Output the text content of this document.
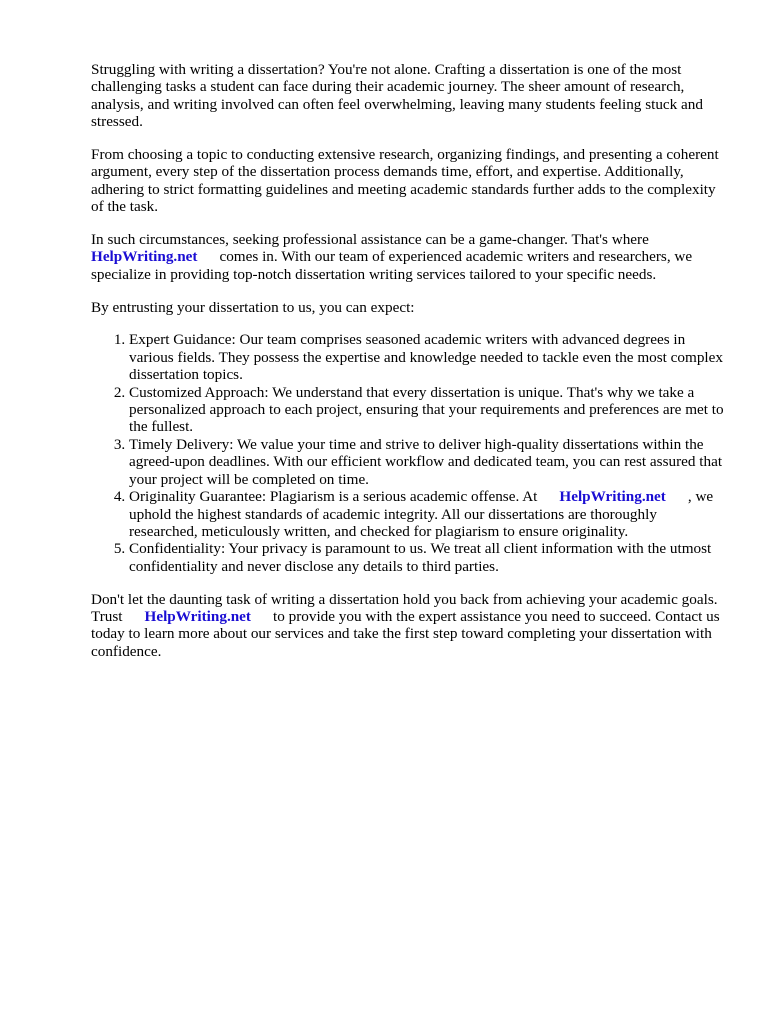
Struggling with writing a dissertation? You're not alone. Crafting a dissertation is one of the most challenging tasks a student can face during their academic journey. The sheer amount of research, analysis, and writing involved can often feel overwhelming, leaving many students feeling stuck and stressed.

From choosing a topic to conducting extensive research, organizing findings, and presenting a coherent argument, every step of the dissertation process demands time, effort, and expertise. Additionally, adhering to strict formatting guidelines and meeting academic standards further adds to the complexity of the task.

In such circumstances, seeking professional assistance can be a game-changer. That's where
HelpWriting.net comes in. With our team of experienced academic writers and researchers, we specialize in providing top-notch dissertation writing services tailored to your specific needs.

By entrusting your dissertation to us, you can expect:

1. Expert Guidance: Our team comprises seasoned academic writers with advanced degrees in various fields. They possess the expertise and knowledge needed to tackle even the most complex dissertation topics.
2. Customized Approach: We understand that every dissertation is unique. That's why we take a personalized approach to each project, ensuring that your requirements and preferences are met to the fullest.
3. Timely Delivery: We value your time and strive to deliver high-quality dissertations within the agreed-upon deadlines. With our efficient workflow and dedicated team, you can rest assured that your project will be completed on time.
4. Originality Guarantee: Plagiarism is a serious academic offense. At HelpWriting.net , we uphold the highest standards of academic integrity. All our dissertations are thoroughly researched, meticulously written, and checked for plagiarism to ensure originality.
5. Confidentiality: Your privacy is paramount to us. We treat all client information with the utmost confidentiality and never disclose any details to third parties.

Don't let the daunting task of writing a dissertation hold you back from achieving your academic goals. Trust HelpWriting.net to provide you with the expert assistance you need to succeed. Contact us today to learn more about our services and take the first step toward completing your dissertation with confidence.
